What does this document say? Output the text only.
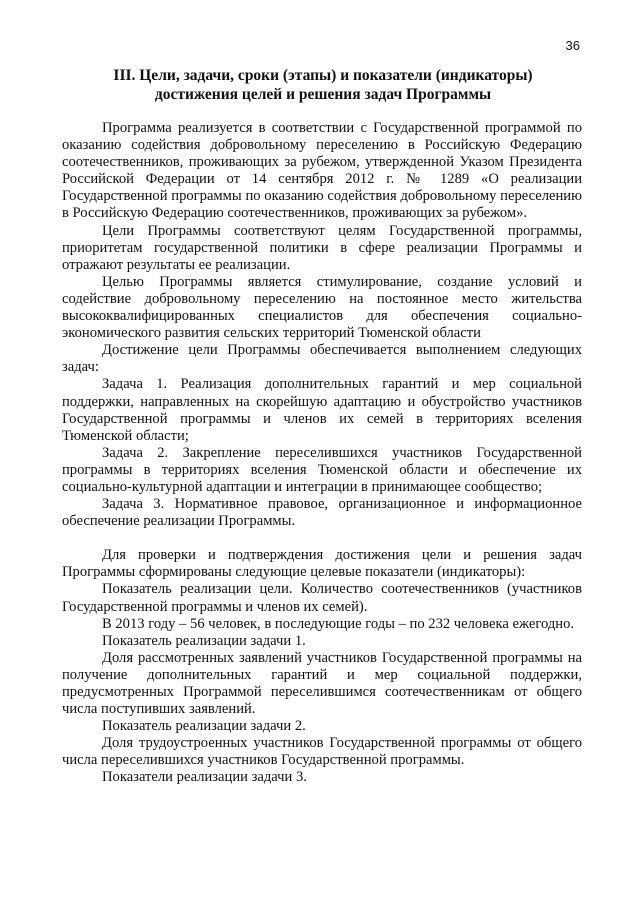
36
III. Цели, задачи, сроки (этапы) и показатели (индикаторы)
достижения целей и решения задач Программы

Программа реализуется в соответствии с Государственной программой по оказанию содействия добровольному переселению в Российскую Федерацию соотечественников, проживающих за рубежом, утвержденной Указом Президента Российской Федерации от 14 сентября 2012 г. № 1289 «О реализации Государственной программы по оказанию содействия добровольному переселению в Российскую Федерацию соотечественников, проживающих за рубежом».

Цели Программы соответствуют целям Государственной программы, приоритетам государственной политики в сфере реализации Программы и отражают результаты ее реализации.

Целью Программы является стимулирование, создание условий и содействие добровольному переселению на постоянное место жительства высококвалифицированных специалистов для обеспечения социально-экономического развития сельских территорий Тюменской области

Достижение цели Программы обеспечивается выполнением следующих задач:

Задача 1. Реализация дополнительных гарантий и мер социальной поддержки, направленных на скорейшую адаптацию и обустройство участников Государственной программы и членов их семей в территориях вселения Тюменской области;

Задача 2. Закрепление переселившихся участников Государственной программы в территориях вселения Тюменской области и обеспечение их социально-культурной адаптации и интеграции в принимающее сообщество;

Задача 3. Нормативное правовое, организационное и информационное обеспечение реализации Программы.

Для проверки и подтверждения достижения цели и решения задач Программы сформированы следующие целевые показатели (индикаторы):

Показатель реализации цели. Количество соотечественников (участников Государственной программы и членов их семей).

В 2013 году – 56 человек, в последующие годы – по 232 человека ежегодно.

Показатель реализации задачи 1.

Доля рассмотренных заявлений участников Государственной программы на получение дополнительных гарантий и мер социальной поддержки, предусмотренных Программой переселившимся соотечественникам от общего числа поступивших заявлений.

Показатель реализации задачи 2.

Доля трудоустроенных участников Государственной программы от общего числа переселившихся участников Государственной программы.

Показатели реализации задачи 3.
